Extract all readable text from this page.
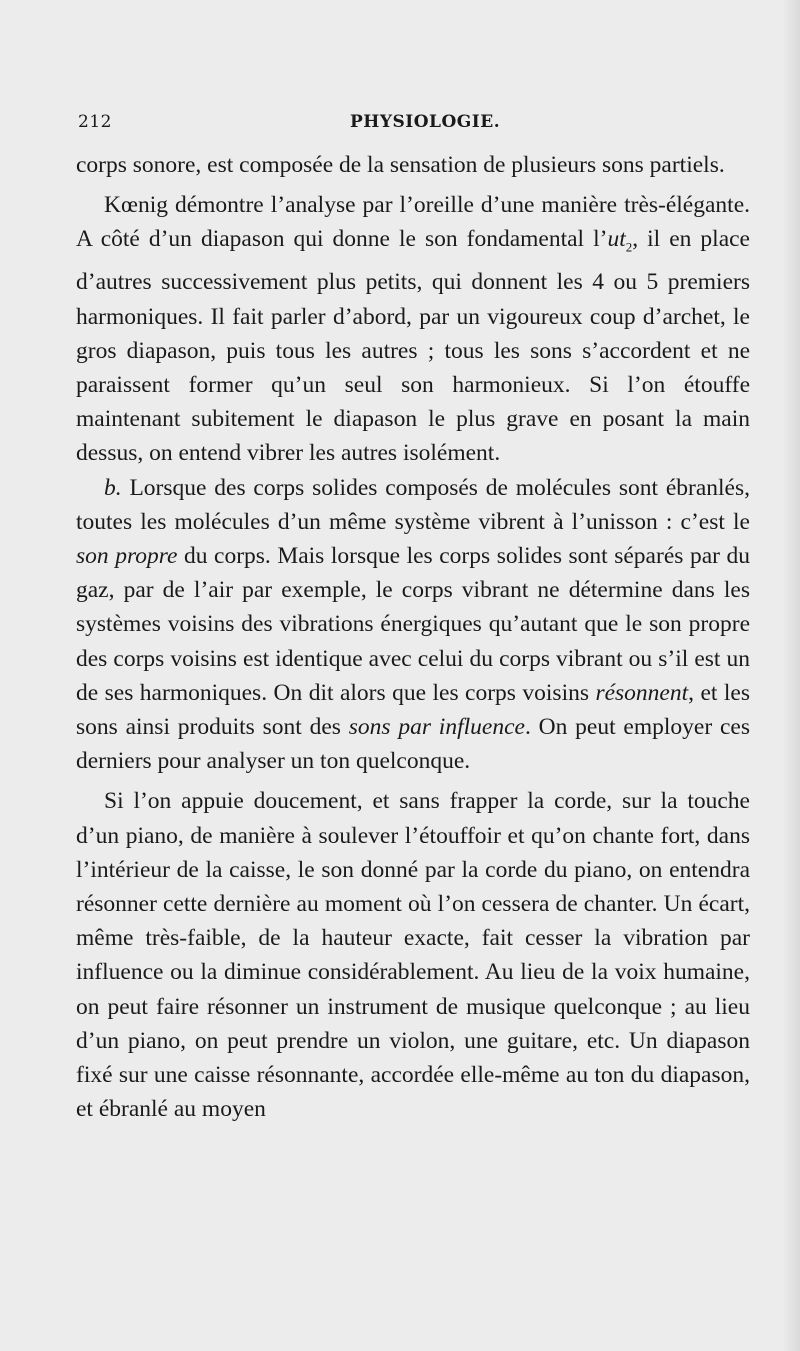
212	PHYSIOLOGIE.

corps sonore, est composée de la sensation de plusieurs sons partiels.

Kœnig démontre l’analyse par l’oreille d’une manière très-élégante. A côté d’un diapason qui donne le son fondamental $l’ut_2$, il en place d’autres successivement plus petits, qui donnent les 4 ou 5 premiers harmoniques. Il fait parler d’abord, par un vigoureux coup d’archet, le gros diapason, puis tous les autres ; tous les sons s’accordent et ne paraissent former qu’un seul son harmonieux. Si l’on étouffe maintenant subitement le diapason le plus grave en posant la main dessus, on entend vibrer les autres isolément.

b. Lorsque des corps solides composés de molécules sont ébranlés, toutes les molécules d’un même système vibrent à l’unisson : c’est le son propre du corps. Mais lorsque les corps solides sont séparés par du gaz, par de l’air par exemple, le corps vibrant ne détermine dans les systèmes voisins des vibrations énergiques qu’autant que le son propre des corps voisins est identique avec celui du corps vibrant ou s’il est un de ses harmoniques. On dit alors que les corps voisins résonnent, et les sons ainsi produits sont des sons par influence. On peut employer ces derniers pour analyser un ton quelconque.

Si l’on appuie doucement, et sans frapper la corde, sur la touche d’un piano, de manière à soulever l’étouffoir et qu’on chante fort, dans l’intérieur de la caisse, le son donné par la corde du piano, on entendra résonner cette dernière au moment où l’on cessera de chanter. Un écart, même très-faible, de la hauteur exacte, fait cesser la vibration par influence ou la diminue considérablement. Au lieu de la voix humaine, on peut faire résonner un instrument de musique quelconque ; au lieu d’un piano, on peut prendre un violon, une guitare, etc. Un diapason fixé sur une caisse résonnante, accordée elle-même au ton du diapason, et ébranlé au moyen
